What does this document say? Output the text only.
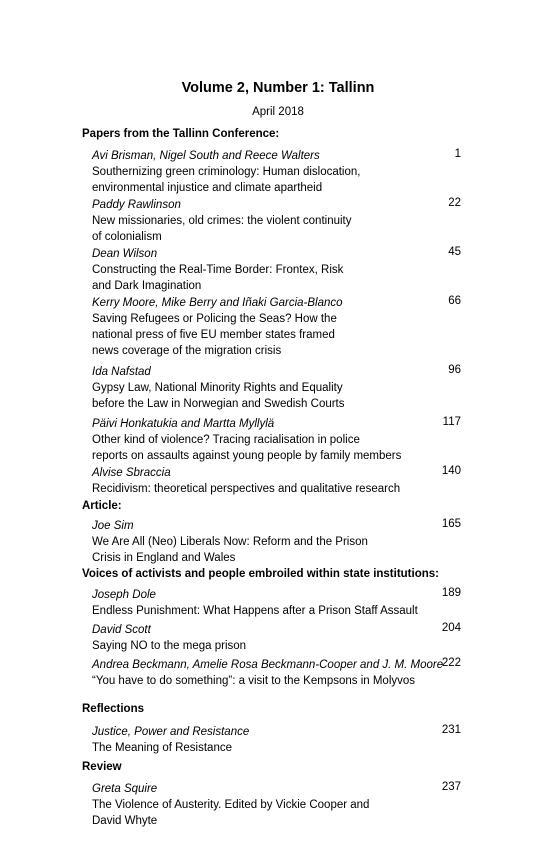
Volume 2, Number 1: Tallinn
April 2018
Papers from the Tallinn Conference:
Avi Brisman, Nigel South and Reece Walters
Southernizing green criminology: Human dislocation,
environmental injustice and climate apartheid
1
Paddy Rawlinson
New missionaries, old crimes: the violent continuity
of colonialism
22
Dean Wilson
Constructing the Real-Time Border: Frontex, Risk
and Dark Imagination
45
Kerry Moore, Mike Berry and Iñaki Garcia-Blanco
Saving Refugees or Policing the Seas? How the
national press of five EU member states framed
news coverage of the migration crisis
66
Ida Nafstad
Gypsy Law, National Minority Rights and Equality
before the Law in Norwegian and Swedish Courts
96
Päivi Honkatukia and Martta Myllylä
Other kind of violence? Tracing racialisation in police
reports on assaults against young people by family members
117
Alvise Sbraccia
Recidivism: theoretical perspectives and qualitative research
140
Article:
Joe Sim
We Are All (Neo) Liberals Now: Reform and the Prison
Crisis in England and Wales
165
Voices of activists and people embroiled within state institutions:
Joseph Dole
Endless Punishment: What Happens after a Prison Staff Assault
189
David Scott
Saying NO to the mega prison
204
Andrea Beckmann, Amelie Rosa Beckmann-Cooper and J. M. Moore
“You have to do something”: a visit to the Kempsons in Molyvos
222
Reflections
Justice, Power and Resistance
The Meaning of Resistance
231
Review
Greta Squire
The Violence of Austerity. Edited by Vickie Cooper and
David Whyte
237
